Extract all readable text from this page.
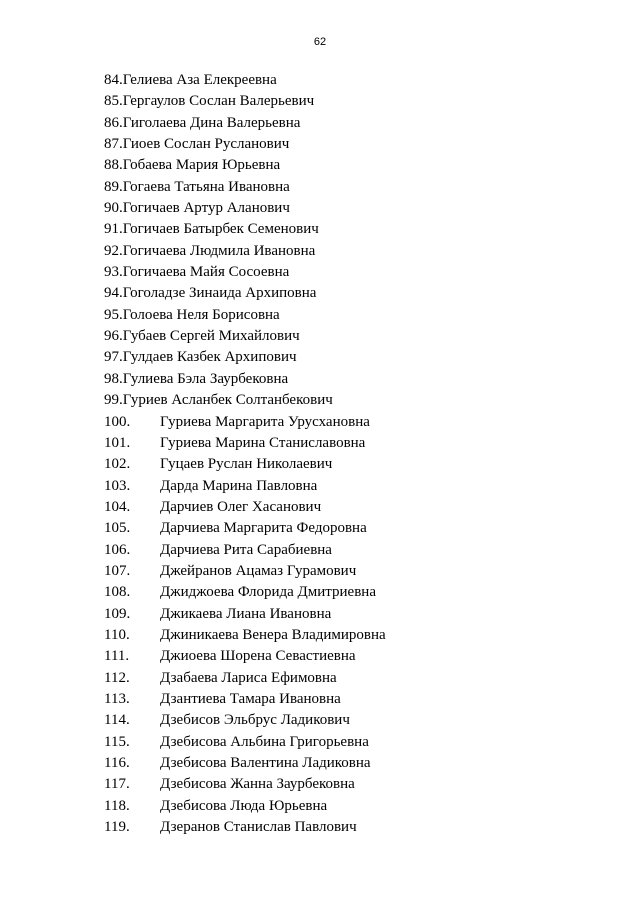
62
84.Гелиева Аза Елекреевна
85.Гергаулов Сослан Валерьевич
86.Гиголаева Дина Валерьевна
87.Гиоев Сослан Русланович
88.Гобаева Мария Юрьевна
89.Гогаева Татьяна Ивановна
90.Гогичаев Артур Аланович
91.Гогичаев Батырбек Семенович
92.Гогичаева Людмила Ивановна
93.Гогичаева Майя Сосоевна
94.Гоголадзе Зинаида Архиповна
95.Голоева Неля Борисовна
96.Губаев Сергей Михайлович
97.Гулдаев Казбек Архипович
98.Гулиева Бэла Заурбековна
99.Гуриев Асланбек Солтанбекович
100. Гуриева Маргарита Урусхановна
101. Гуриева Марина Станиславовна
102. Гуцаев Руслан Николаевич
103. Дарда Марина Павловна
104. Дарчиев Олег Хасанович
105. Дарчиева Маргарита Федоровна
106. Дарчиева Рита Сарабиевна
107. Джейранов Ацамаз Гурамович
108. Джиджоева Флорида Дмитриевна
109. Джикаева Лиана Ивановна
110. Джиникаева Венера Владимировна
111. Джиоева Шорена Севастиевна
112. Дзабаева Лариса Ефимовна
113. Дзантиева Тамара Ивановна
114. Дзебисов Эльбрус Ладикович
115. Дзебисова Альбина Григорьевна
116. Дзебисова Валентина Ладиковна
117. Дзебисова Жанна Заурбековна
118. Дзебисова Люда Юрьевна
119. Дзеранов Станислав Павлович
